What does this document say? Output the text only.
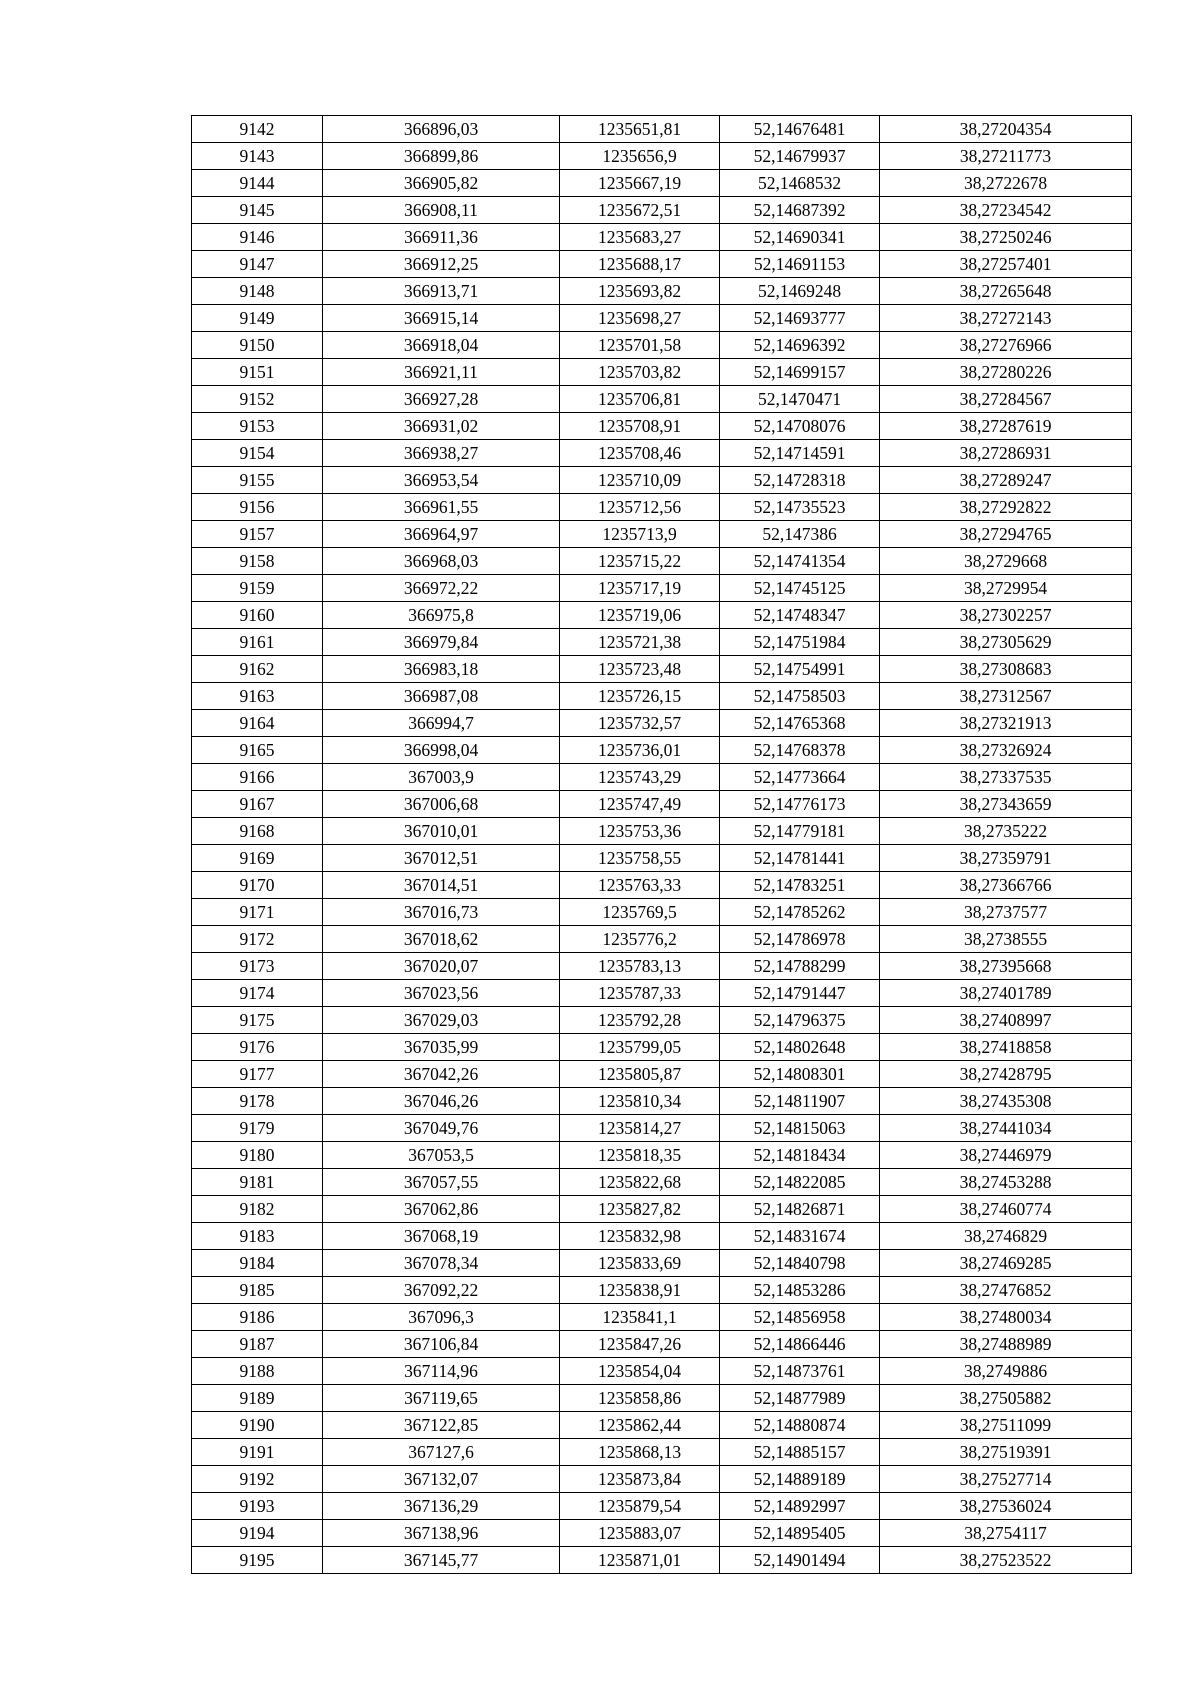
9142	366896,03	1235651,81	52,14676481	38,27204354
9143	366899,86	1235656,9	52,14679937	38,27211773
9144	366905,82	1235667,19	52,1468532	38,2722678
9145	366908,11	1235672,51	52,14687392	38,27234542
9146	366911,36	1235683,27	52,14690341	38,27250246
9147	366912,25	1235688,17	52,14691153	38,27257401
9148	366913,71	1235693,82	52,1469248	38,27265648
9149	366915,14	1235698,27	52,14693777	38,27272143
9150	366918,04	1235701,58	52,14696392	38,27276966
9151	366921,11	1235703,82	52,14699157	38,27280226
9152	366927,28	1235706,81	52,1470471	38,27284567
9153	366931,02	1235708,91	52,14708076	38,27287619
9154	366938,27	1235708,46	52,14714591	38,27286931
9155	366953,54	1235710,09	52,14728318	38,27289247
9156	366961,55	1235712,56	52,14735523	38,27292822
9157	366964,97	1235713,9	52,147386	38,27294765
9158	366968,03	1235715,22	52,14741354	38,2729668
9159	366972,22	1235717,19	52,14745125	38,2729954
9160	366975,8	1235719,06	52,14748347	38,27302257
9161	366979,84	1235721,38	52,14751984	38,27305629
9162	366983,18	1235723,48	52,14754991	38,27308683
9163	366987,08	1235726,15	52,14758503	38,27312567
9164	366994,7	1235732,57	52,14765368	38,27321913
9165	366998,04	1235736,01	52,14768378	38,27326924
9166	367003,9	1235743,29	52,14773664	38,27337535
9167	367006,68	1235747,49	52,14776173	38,27343659
9168	367010,01	1235753,36	52,14779181	38,2735222
9169	367012,51	1235758,55	52,14781441	38,27359791
9170	367014,51	1235763,33	52,14783251	38,27366766
9171	367016,73	1235769,5	52,14785262	38,2737577
9172	367018,62	1235776,2	52,14786978	38,2738555
9173	367020,07	1235783,13	52,14788299	38,27395668
9174	367023,56	1235787,33	52,14791447	38,27401789
9175	367029,03	1235792,28	52,14796375	38,27408997
9176	367035,99	1235799,05	52,14802648	38,27418858
9177	367042,26	1235805,87	52,14808301	38,27428795
9178	367046,26	1235810,34	52,14811907	38,27435308
9179	367049,76	1235814,27	52,14815063	38,27441034
9180	367053,5	1235818,35	52,14818434	38,27446979
9181	367057,55	1235822,68	52,14822085	38,27453288
9182	367062,86	1235827,82	52,14826871	38,27460774
9183	367068,19	1235832,98	52,14831674	38,2746829
9184	367078,34	1235833,69	52,14840798	38,27469285
9185	367092,22	1235838,91	52,14853286	38,27476852
9186	367096,3	1235841,1	52,14856958	38,27480034
9187	367106,84	1235847,26	52,14866446	38,27488989
9188	367114,96	1235854,04	52,14873761	38,2749886
9189	367119,65	1235858,86	52,14877989	38,27505882
9190	367122,85	1235862,44	52,14880874	38,27511099
9191	367127,6	1235868,13	52,14885157	38,27519391
9192	367132,07	1235873,84	52,14889189	38,27527714
9193	367136,29	1235879,54	52,14892997	38,27536024
9194	367138,96	1235883,07	52,14895405	38,2754117
9195	367145,77	1235871,01	52,14901494	38,27523522
